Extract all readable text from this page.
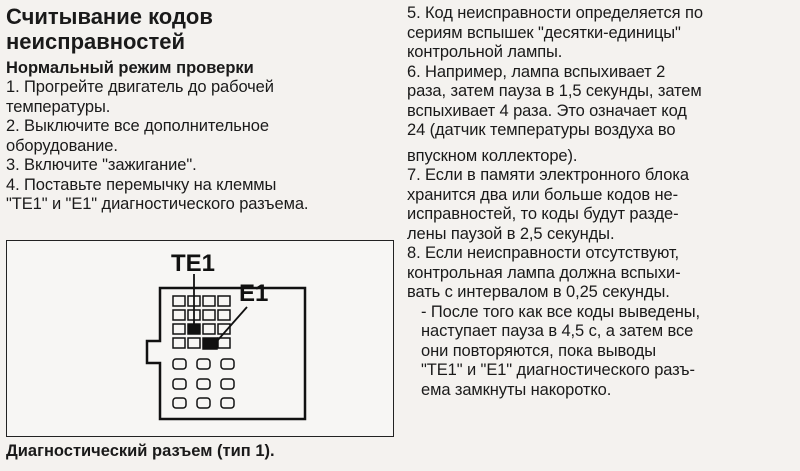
Считывание кодов

неисправностей

Нормальный режим проверки

1. Прогрейте двигатель до рабочей

температуры.

2. Выключите все дополнительное

оборудование.

3. Включите "зажигание".

4. Поставьте перемычку на клеммы

"TE1" и "E1" диагностического разъема.

TE1
E1

Диагностический разъем (тип 1).

5. Код неисправности определяется по

сериям вспышек "десятки-единицы"

контрольной лампы.

6. Например, лампа вспыхивает 2

раза, затем пауза в 1,5 секунды, затем

вспыхивает 4 раза. Это означает код

24 (датчик температуры воздуха во

впускном коллекторе).

7. Если в памяти электронного блока

хранится два или больше кодов не-

исправностей, то коды будут разде-

лены паузой в 2,5 секунды.

8. Если неисправности отсутствуют,

контрольная лампа должна вспыхи-

вать с интервалом в 0,25 секунды.

- После того как все коды выведены,

наступает пауза в 4,5 с, а затем все

они повторяются, пока выводы

"TE1" и "E1" диагностического разъ-

ема замкнуты накоротко.
